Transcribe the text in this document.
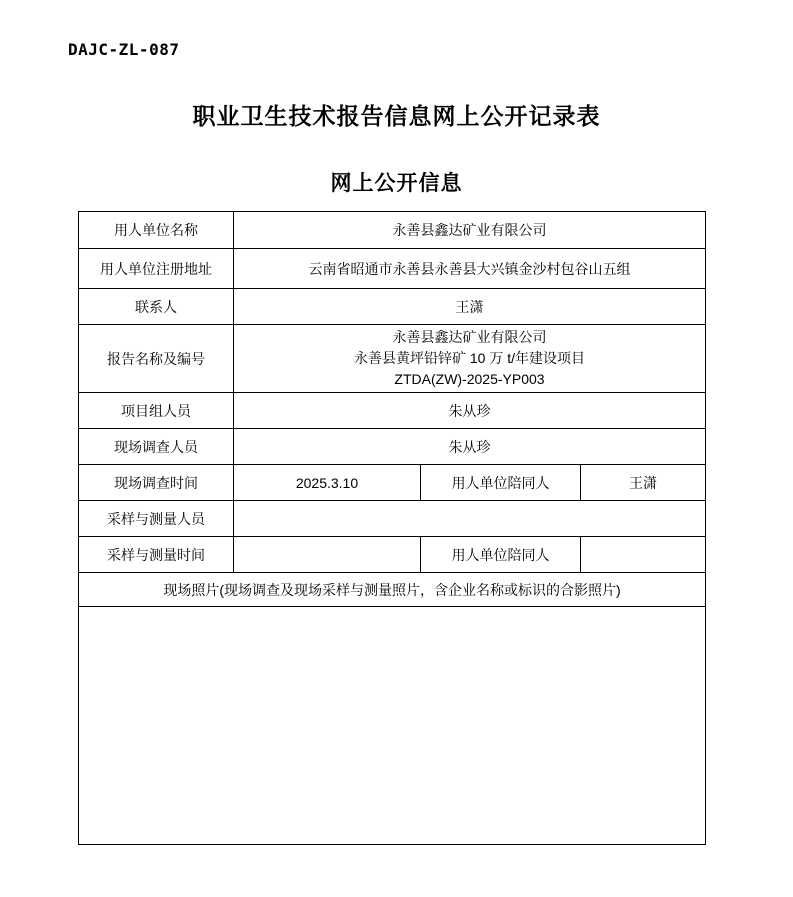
DAJC-ZL-087
职业卫生技术报告信息网上公开记录表
网上公开信息
用人单位名称	永善县鑫达矿业有限公司		
用人单位注册地址	云南省昭通市永善县永善县大兴镇金沙村包谷山五组		
联系人	王潇		
报告名称及编号	永善县鑫达矿业有限公司
永善县黄坪铅锌矿 10 万 t/年建设项目
ZTDA(ZW)-2025-YP003		

项目组人员	朱从珍		
现场调查人员	朱从珍		
现场调查时间	2025.3.10	用人单位陪同人	王潇
采样与测量人员			
采样与测量时间		用人单位陪同人	
现场照片(现场调查及现场采样与测量照片，含企业名称或标识的合影照片)			
